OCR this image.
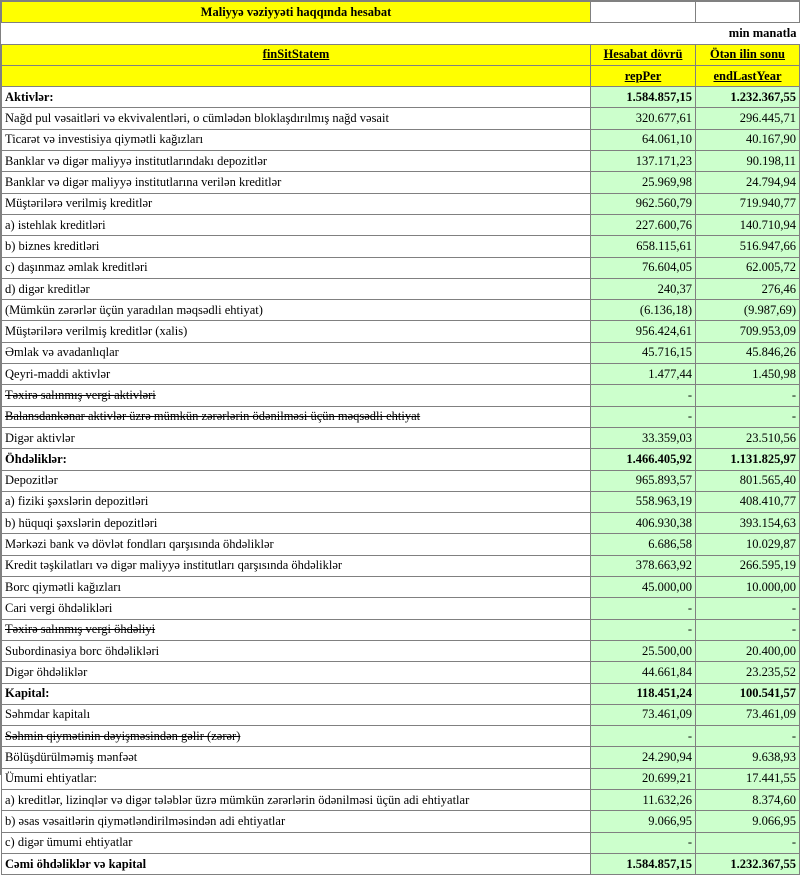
Maliyyə vəziyyəti haqqında hesabat		
		min manatla
finSitStatem	Hesabat dövrü	Ötən ilin sonu
	repPer	endLastYear
Aktivlər:	1.584.857,15	1.232.367,55
Nağd pul vəsaitləri və ekvivalentləri, o cümlədən bloklaşdırılmış nağd vəsait	320.677,61	296.445,71
Ticarət və investisiya qiymətli kağızları	64.061,10	40.167,90
Banklar və digər maliyyə institutlarındakı depozitlər	137.171,23	90.198,11
Banklar və digər maliyyə institutlarına verilən kreditlər	25.969,98	24.794,94
Müştərilərə verilmiş kreditlər	962.560,79	719.940,77
a) istehlak kreditləri	227.600,76	140.710,94
b) biznes kreditləri	658.115,61	516.947,66
c) daşınmaz əmlak kreditləri	76.604,05	62.005,72
d) digər kreditlər	240,37	276,46
(Mümkün zərərlər üçün yaradılan məqsədli ehtiyat)	(6.136,18)	(9.987,69)
Müştərilərə verilmiş kreditlər (xalis)	956.424,61	709.953,09
Əmlak və avadanlıqlar	45.716,15	45.846,26
Qeyri-maddi aktivlər	1.477,44	1.450,98
Təxirə salınmış vergi aktivləri	-	-
Balansdankənar aktivlər üzrə mümkün zərərlərin ödənilməsi üçün məqsədli ehtiyat	-	-
Digər aktivlər	33.359,03	23.510,56
Öhdəliklər:	1.466.405,92	1.131.825,97
Depozitlər	965.893,57	801.565,40
a) fiziki şəxslərin depozitləri	558.963,19	408.410,77
b) hüquqi şəxslərin depozitləri	406.930,38	393.154,63
Mərkəzi bank və dövlət fondları qarşısında öhdəliklər	6.686,58	10.029,87
Kredit təşkilatları və digər maliyyə institutları qarşısında öhdəliklər	378.663,92	266.595,19
Borc qiymətli kağızları	45.000,00	10.000,00
Cari vergi öhdəlikləri	-	-
Təxirə salınmış vergi öhdəliyi	-	-
Subordinasiya borc öhdəlikləri	25.500,00	20.400,00
Digər öhdəliklər	44.661,84	23.235,52
Kapital:	118.451,24	100.541,57
Səhmdar kapitalı	73.461,09	73.461,09
Səhmin qiymətinin dəyişməsindən gəlir (zərər)	-	-
Bölüşdürülməmiş mənfəət	24.290,94	9.638,93
Ümumi ehtiyatlar:	20.699,21	17.441,55
a) kreditlər, lizinqlər və digər tələblər üzrə mümkün zərərlərin ödənilməsi üçün adi ehtiyatlar	11.632,26	8.374,60
b) əsas vəsaitlərin qiymətləndirilməsindən adi ehtiyatlar	9.066,95	9.066,95
c) digər ümumi ehtiyatlar	-	-
Cəmi öhdəliklər və kapital	1.584.857,15	1.232.367,55
